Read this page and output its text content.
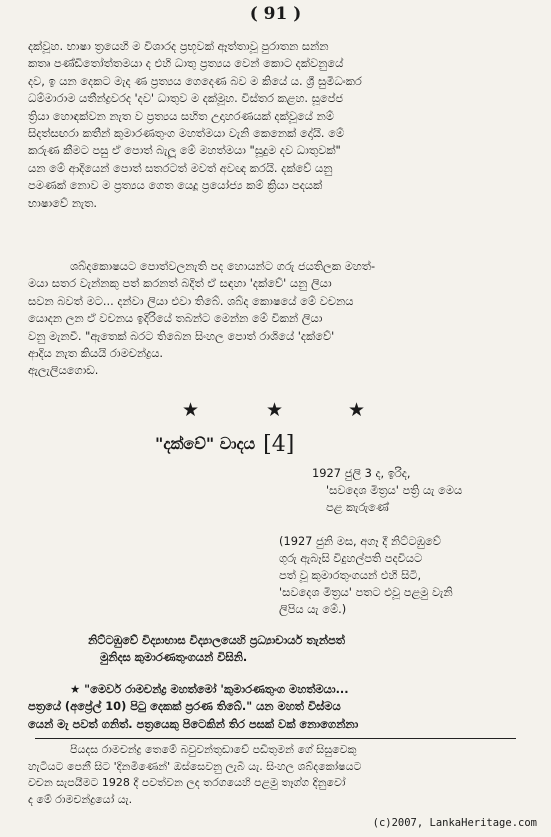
( 91 )
දක්වූහ. භාෂා ත්‍රයෙහි ම විශාරද ප්‍රභූවක් ඈත්තාවූ පුරාතන සන්න
කතෘ පණ්ඩිතෝත්තමයා ද එහි ධාතු ප්‍රත්‍යය වෙන් කොට දක්වනුයේ
දව, ඉ යන දෙකට මැද ණ ප්‍රත්‍යය ගෙදෙණ බව ම කියේ ය. ශ්‍රී සුමීධංකර
ධම්මාරාම යතීන්ද්‍රවරද 'දව' ධාතුව ම දක්මූහ. විස්තර කළහ. සූපේජ
ත්‍රියා හොඳක්වන නැත ව ප්‍රත්‍යය සහිත උදාහරණයක් දක්වූයේ නම්
සිදත්සඟරා කතීන් කුමාරණතුංග මහත්මයා වැනි කෙනෙක් දෝයි. මේ
කරුණ කීමට පසු ඒ පොත් බැලූ මේ මහත්මයා "සූදුම දව ධාතුවක්"
යන මේ ආදියෙන් පොත් සතරටත් මවත් අවඥ කරයි. දක්වේ යනු
පමණක් නොව ම ප්‍රත්‍යය ගෙත යෙදූ ප්‍රයෝජ්‍ය කම් ක්‍රියා පදයක්
භාෂාවේ නැත.
ශබ්දකොෂයට පොත්වලනැති පද හොයන්ට ගරු ජයතිලක මහත්-
මයා සතර වැන්නකු පත් කරනත් බදිත් ඒ සඳහා 'දක්වේ' යනු ලියා
සවන බවත් මට... දන්වා ලියා එවා තිබේ. ශබ්ද කොෂයේ මේ වචනය
යොදන ලන ඒ වචනය ඉදිරියේ තබන්ට මෙන්න මේ විකන් ලියා
වනු මැනවී. "ඇතෙක් බරට තිබෙන සිංහල පොත් රාශියේ 'දක්වේ'
ආදිය නැත කියයි රාමචන්ද්‍රය.
ඇලැලියගොඩ.
★	★	★
"දක්වේ" වාදය [4]
1927 ජුලි 3 ද, ඉරිද,
'සවදෙශ මිත්‍රය' පත්‍රි යැ මෙය
පළ කැරුණේ
(1927 ජුනි මස, අගෑ දී නිට්ටඹුවේ
ගුරු ඇබෑසි විදුහල්පති පදවියට
පත් වූ කුමාරතුංගයන් එහි සිටි,
'සවදෙශ මිත්‍රය' පතට එවූ පළමු වැනි
ලිපිය යැ මේ.)
නිට්ටඹුවේ විද්‍යාභාස විද්‍යාලයෙහි ප්‍රධ්‍යාචාර්ය තැන්පත්
මුනිදස කුමාරණතුංගයන් විසිනි.
★ "මෙවර් රාමචන්ද්‍ර මහත්මෝ 'කුමාරණතුංග මහත්මයා...
පත්‍රයේ (අප්‍රේල් 10) පිටු දෙකක් ප්‍රරණ තිබේ." යන මහත් විස්මය
යෙන් මැ පවත් ගනිත්. පත්‍රයෙකු පිටෙකින් තිර පසක් වක් නොගෙන්නා
පියදස රාමචන්ද්‍ර තෙමේ බවුවන්තුඩාවේ පඩිතුමන් ගේ සිසුවෙකු
හැටියට පෙනී සිට 'දිනමිණෙන්' ඔස්සෙවනු ලැබී යැ. සිංහල ශබ්දකෝෂයට
වචන සැපයීමට 1928 දී පවත්වන ලද තරගයෙහි පළමු තෑග්ග දිනුවෝ
ද මේ රාමචන්ද්‍රයෝ යැ.
(c)2007, LankaHeritage.com
